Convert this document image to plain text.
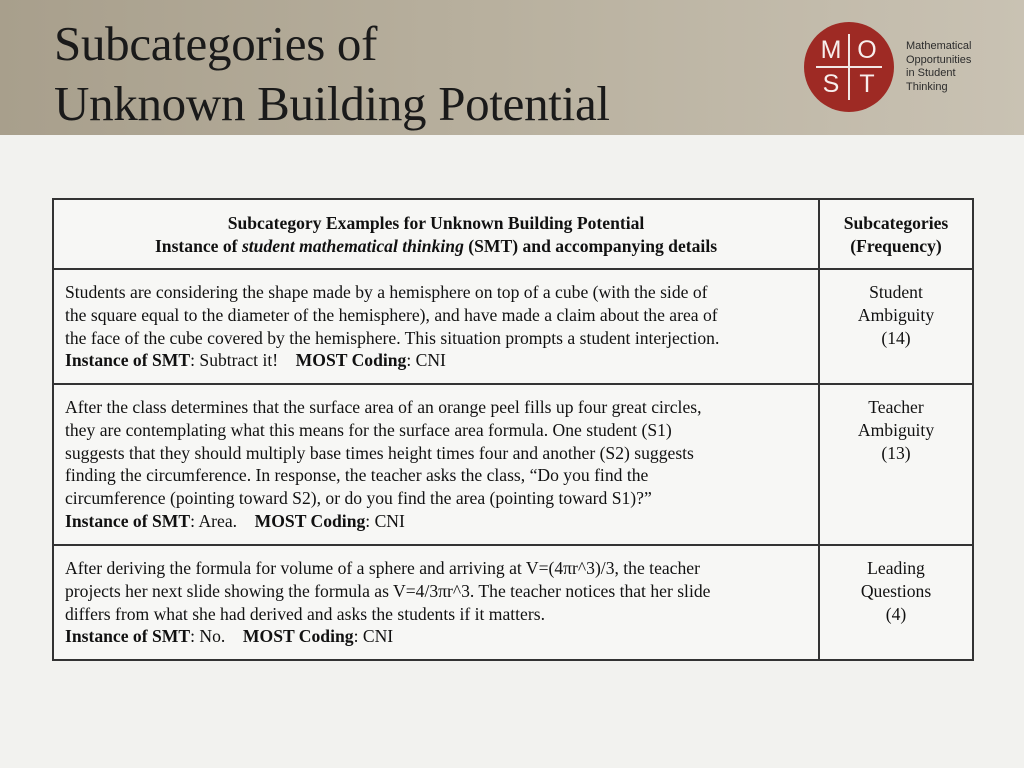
Subcategories of
Unknown Building Potential
M O
S T
Mathematical
Opportunities
in Student
Thinking
Subcategory Examples for Unknown Building Potential
Instance of student mathematical thinking (SMT) and accompanying details
Subcategories
(Frequency)
Students are considering the shape made by a hemisphere on top of a cube (with the side of
the square equal to the diameter of the hemisphere), and have made a claim about the area of
the face of the cube covered by the hemisphere. This situation prompts a student interjection.
Instance of SMT: Subtract it! MOST Coding: CNI
Student
Ambiguity
(14)
After the class determines that the surface area of an orange peel fills up four great circles,
they are contemplating what this means for the surface area formula. One student (S1)
suggests that they should multiply base times height times four and another (S2) suggests
finding the circumference. In response, the teacher asks the class, “Do you find the
circumference (pointing toward S2), or do you find the area (pointing toward S1)?”
Instance of SMT: Area. MOST Coding: CNI
Teacher
Ambiguity
(13)
After deriving the formula for volume of a sphere and arriving at V=(4πr^3)/3, the teacher
projects her next slide showing the formula as V=4/3πr^3. The teacher notices that her slide
differs from what she had derived and asks the students if it matters.
Instance of SMT: No. MOST Coding: CNI
Leading
Questions
(4)
